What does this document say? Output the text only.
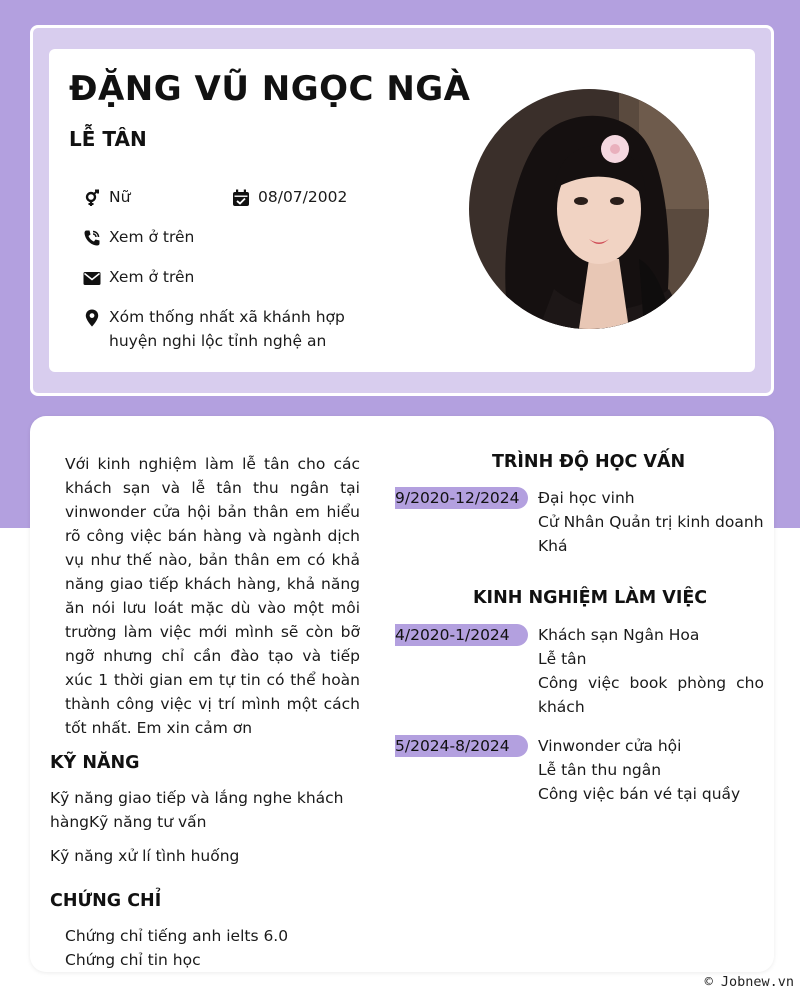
ĐẶNG VŨ NGỌC NGÀ
LỄ TÂN
Nữ	08/07/2002
Xem ở trên
Xem ở trên
Xóm thống nhất xã khánh hợp
huyện nghi lộc tỉnh nghệ an
Với kinh nghiệm làm lễ tân cho các khách sạn và lễ tân thu ngân tại vinwonder cửa hội bản thân em hiểu rõ công việc bán hàng và ngành dịch vụ như thế nào, bản thân em có khả năng giao tiếp khách hàng, khả năng ăn nói lưu loát mặc dù vào một môi trường làm việc mới mình sẽ còn bỡ ngỡ nhưng chỉ cần đào tạo và tiếp xúc 1 thời gian em tự tin có thể hoàn thành công việc vị trí mình một cách tốt nhất. Em xin cảm ơn
KỸ NĂNG
Kỹ năng giao tiếp và lắng nghe khách hàngKỹ năng tư vấn
Kỹ năng xử lí tình huống
CHỨNG CHỈ
Chứng chỉ tiếng anh ielts 6.0
Chứng chỉ tin học
TRÌNH ĐỘ HỌC VẤN
9/2020-12/2024	Đại học vinh
Cử Nhân Quản trị kinh doanh
Khá
KINH NGHIỆM LÀM VIỆC
4/2020-1/2024	Khách sạn Ngân Hoa
Lễ tân
Công việc book phòng cho khách
5/2024-8/2024	Vinwonder cửa hội
Lễ tân thu ngân
Công việc bán vé tại quầy
© Jobnew.vn
